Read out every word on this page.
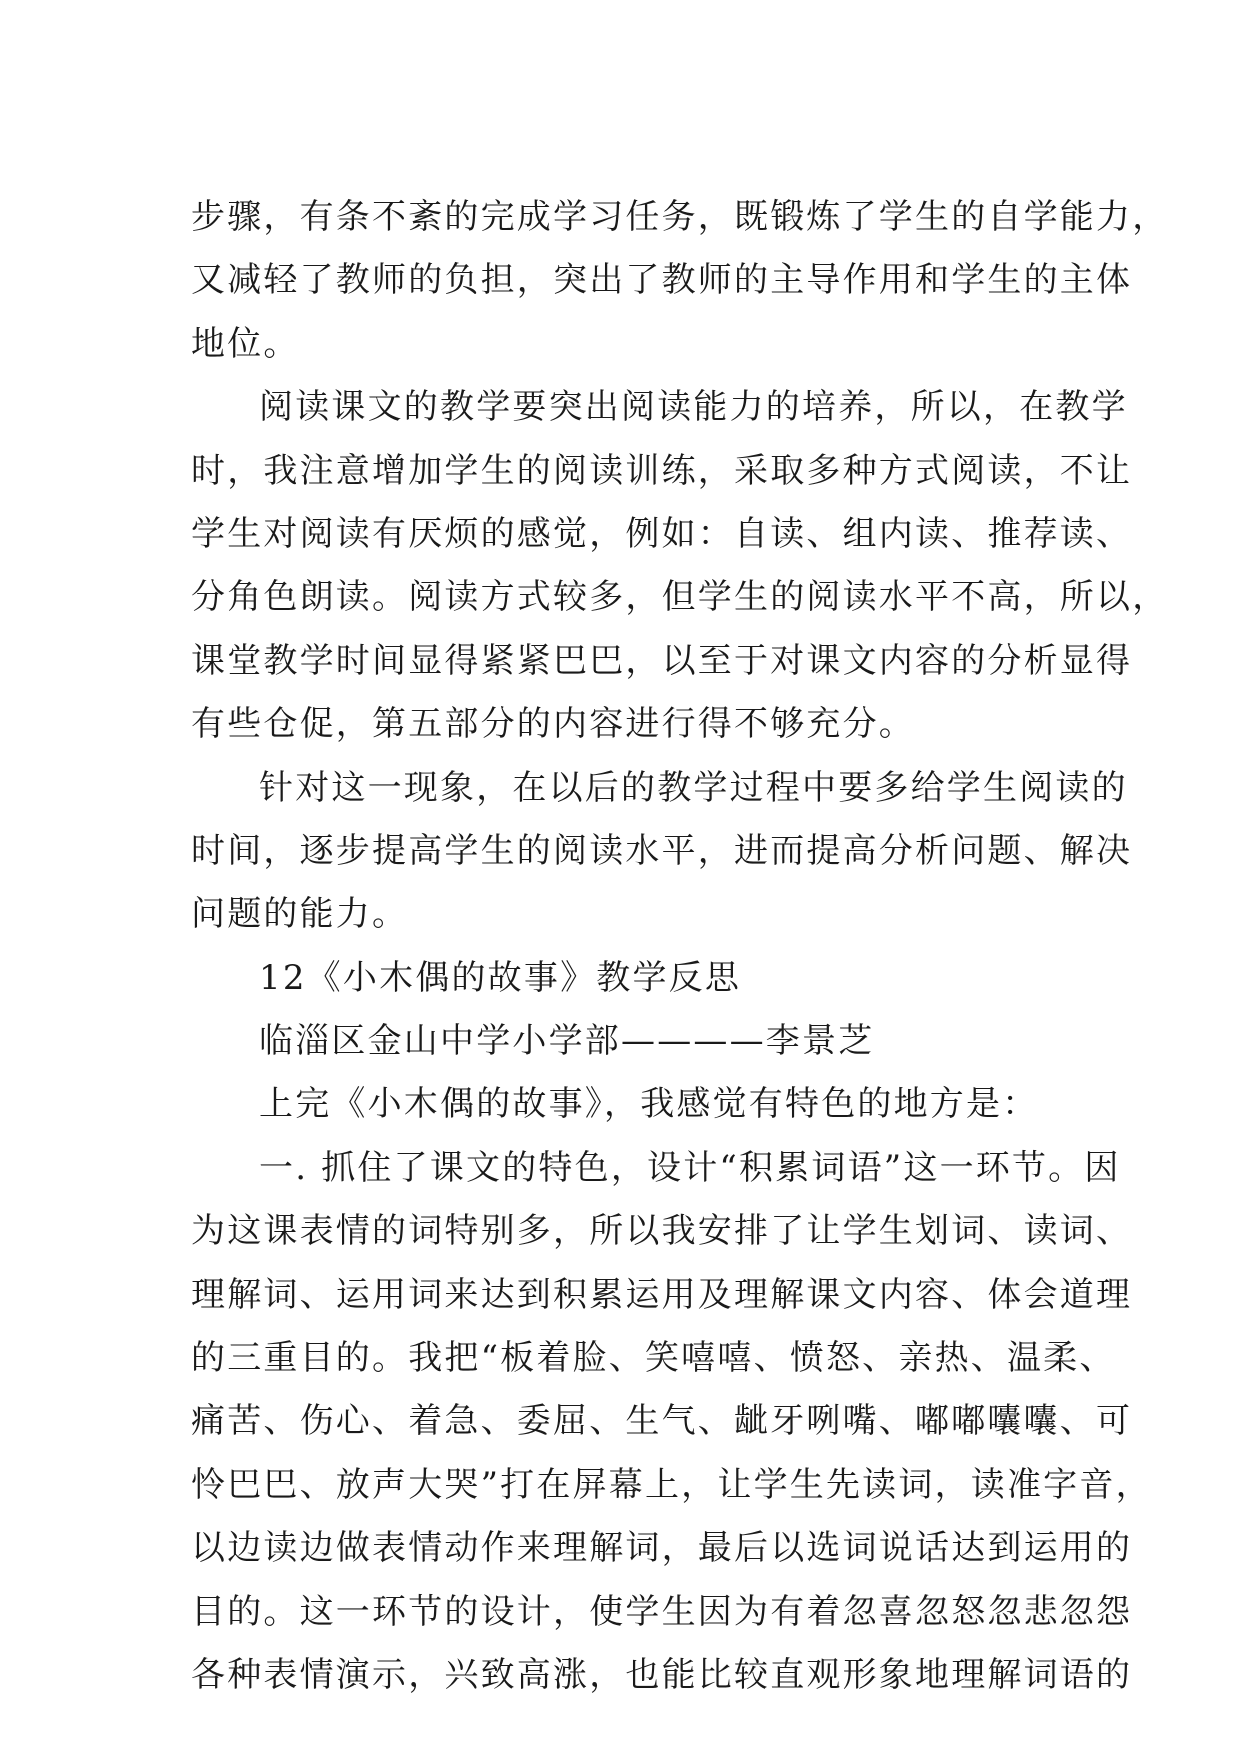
步骤，有条不紊的完成学习任务，既锻炼了学生的自学能力，
又减轻了教师的负担，突出了教师的主导作用和学生的主体
地位。
阅读课文的教学要突出阅读能力的培养，所以，在教学
时，我注意增加学生的阅读训练，采取多种方式阅读，不让
学生对阅读有厌烦的感觉，例如：自读、组内读、推荐读、
分角色朗读。阅读方式较多，但学生的阅读水平不高，所以，
课堂教学时间显得紧紧巴巴，以至于对课文内容的分析显得
有些仓促，第五部分的内容进行得不够充分。
针对这一现象，在以后的教学过程中要多给学生阅读的
时间，逐步提高学生的阅读水平，进而提高分析问题、解决
问题的能力。
12《小木偶的故事》教学反思
临淄区金山中学小学部————李景芝
上完《小木偶的故事》，我感觉有特色的地方是：
一. 抓住了课文的特色，设计“积累词语”这一环节。因
为这课表情的词特别多，所以我安排了让学生划词、读词、
理解词、运用词来达到积累运用及理解课文内容、体会道理
的三重目的。我把“板着脸、笑嘻嘻、愤怒、亲热、温柔、
痛苦、伤心、着急、委屈、生气、龇牙咧嘴、嘟嘟囔囔、可
怜巴巴、放声大哭”打在屏幕上，让学生先读词，读准字音，
以边读边做表情动作来理解词，最后以选词说话达到运用的
目的。这一环节的设计，使学生因为有着忽喜忽怒忽悲忽怨
各种表情演示，兴致高涨，也能比较直观形象地理解词语的
